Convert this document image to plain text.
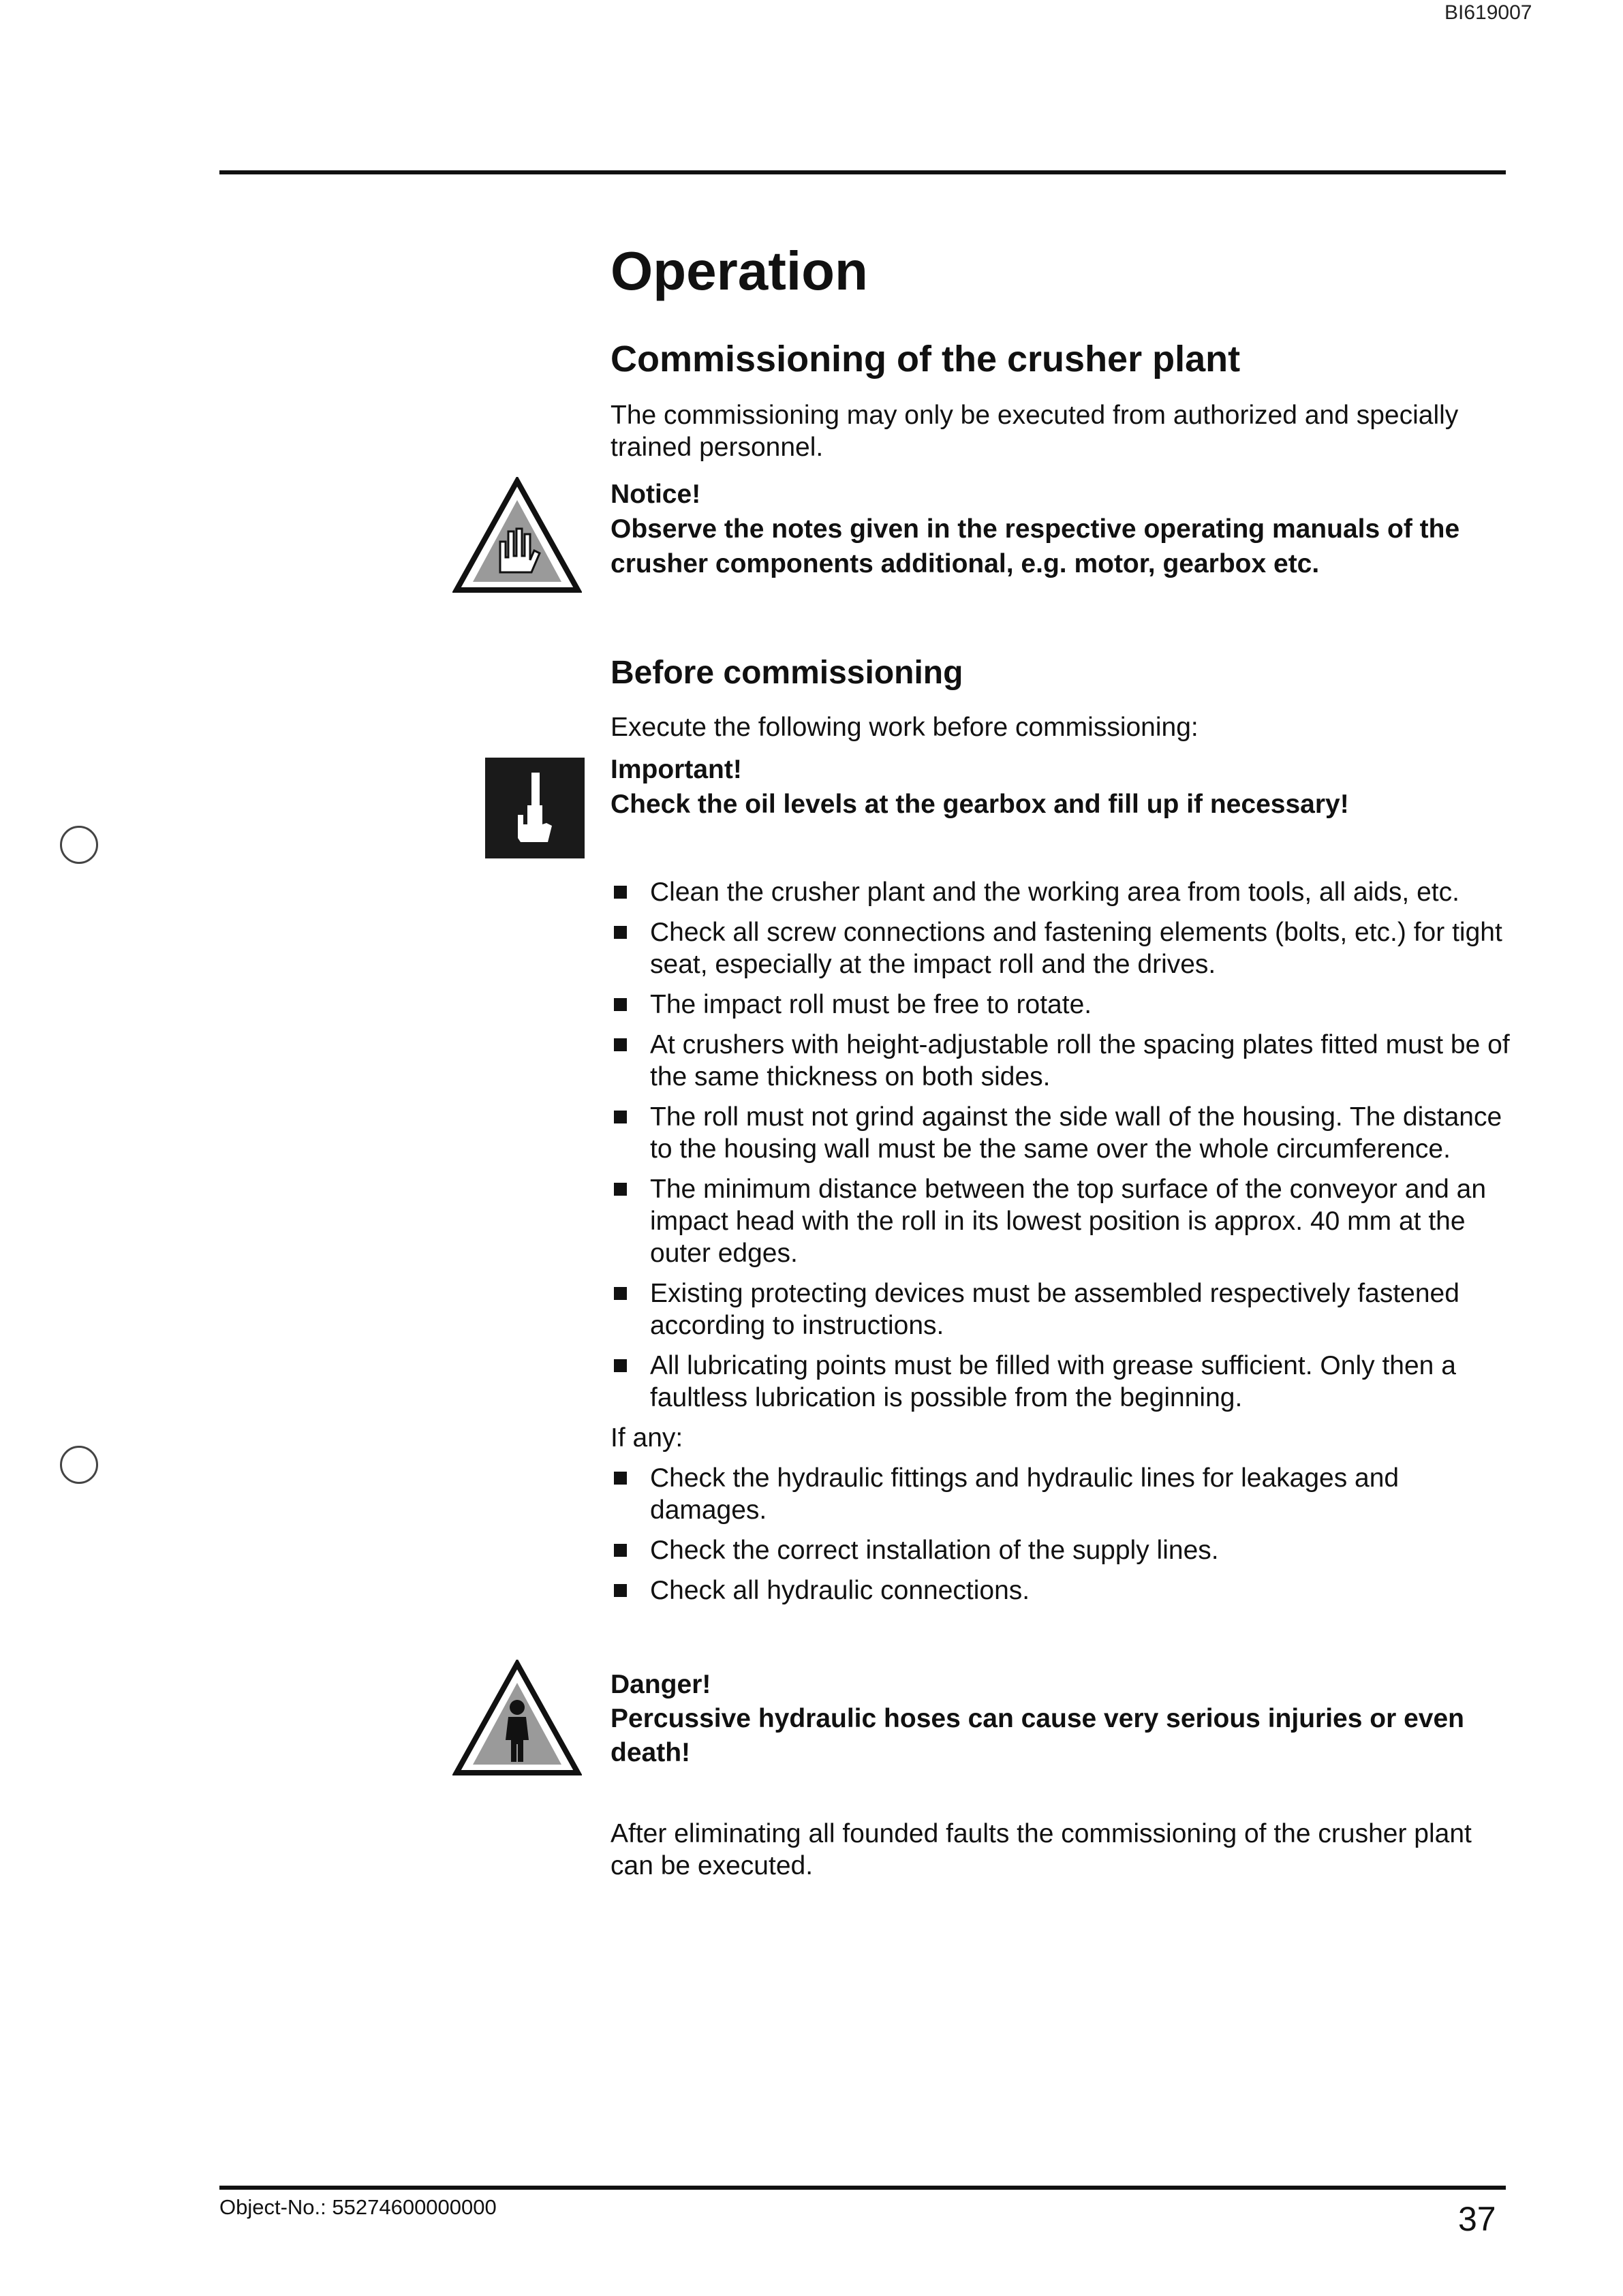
BI619007
Operation
Commissioning of the crusher plant
The commissioning may only be executed from authorized and specially trained personnel.
Notice!
Observe the notes given in the respective operating manuals of the crusher components additional, e.g. motor, gearbox etc.
Before commissioning
Execute the following work before commissioning:
Important!
Check the oil levels at the gearbox and fill up if necessary!
Clean the crusher plant and the working area from tools, all aids, etc.
Check all screw connections and fastening elements (bolts, etc.) for tight seat, especially at the impact roll and the drives.
The impact roll must be free to rotate.
At crushers with height-adjustable roll the spacing plates fitted must be of the same thickness on both sides.
The roll must not grind against the side wall of the housing. The distance to the housing wall must be the same over the whole circumference.
The minimum distance between the top surface of the conveyor and an impact head with the roll in its lowest position is approx. 40 mm at the outer edges.
Existing protecting devices must be assembled respectively fastened according to instructions.
All lubricating points must be filled with grease sufficient. Only then a faultless lubrication is possible from the beginning.
If any:
Check the hydraulic fittings and hydraulic lines for leakages and damages.
Check the correct installation of the supply lines.
Check all hydraulic connections.
Danger!
Percussive hydraulic hoses can cause very serious injuries or even death!
After eliminating all founded faults the commissioning of the crusher plant can be executed.
Object-No.: 55274600000000	37
